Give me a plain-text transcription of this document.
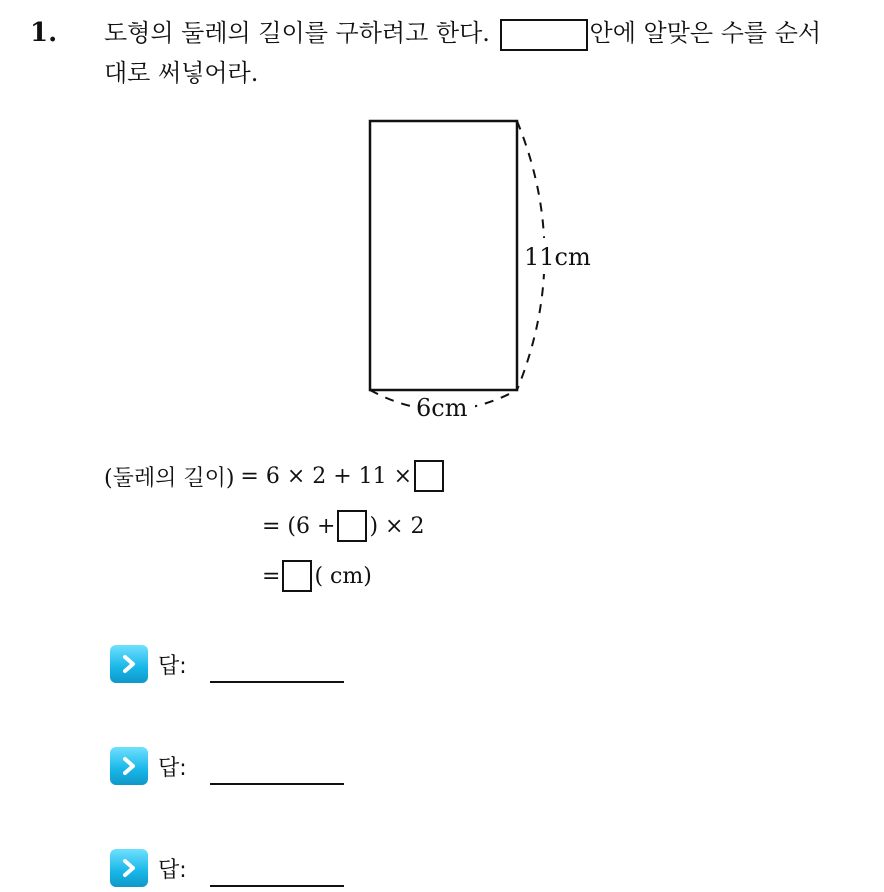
1. 도형의 둘레의 길이를 구하려고 한다.	안에 알맞은 수를 순서
대로 써넣어라.
11cm
6cm
(둘레의 길이) = 6 × 2 + 11 ×
= (6 + ) × 2
= ( cm)
답:
답:
답:
